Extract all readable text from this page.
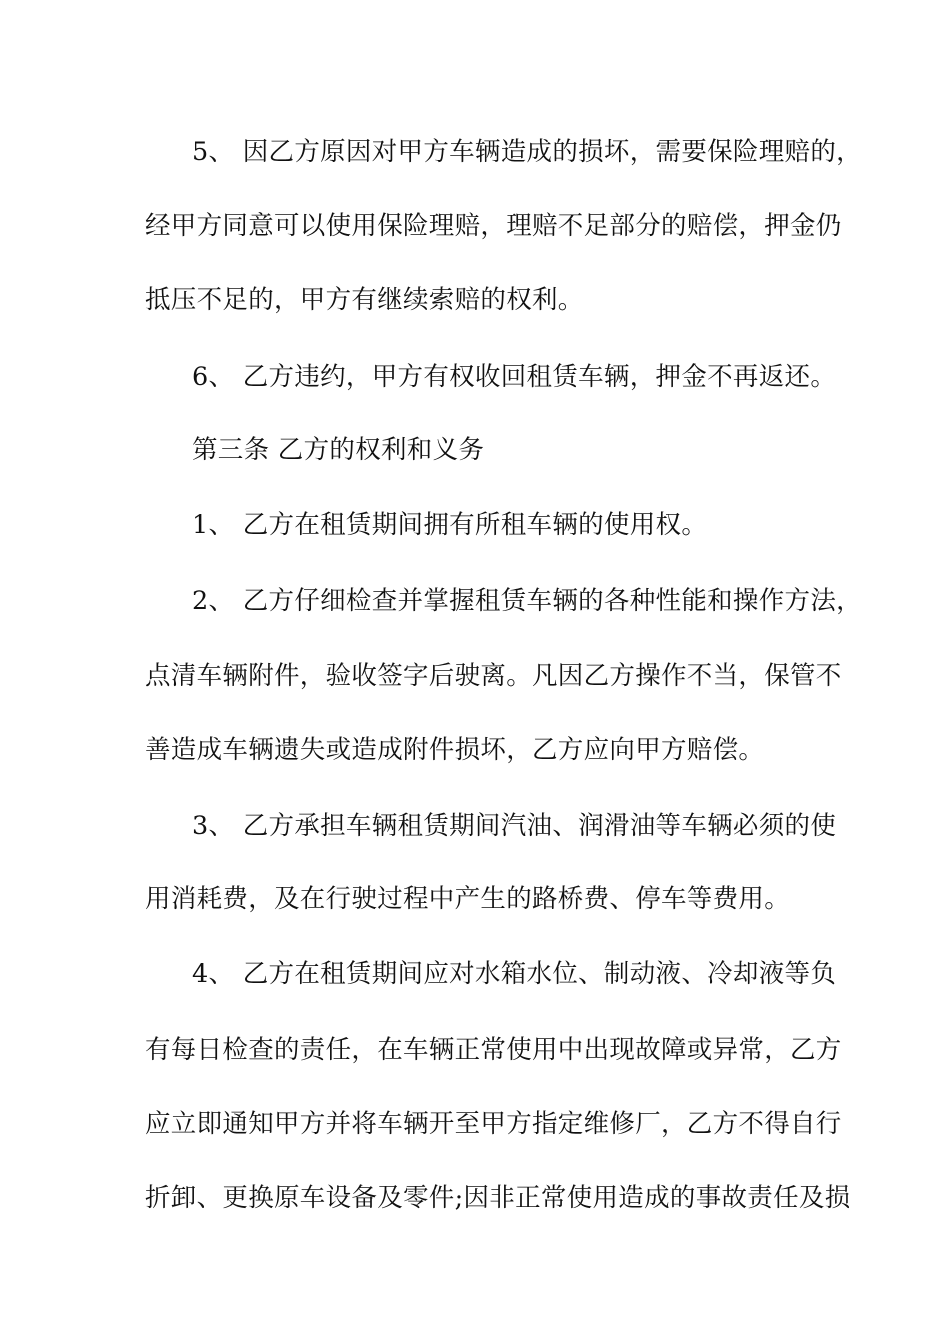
5、 因乙方原因对甲方车辆造成的损坏，需要保险理赔的，
经甲方同意可以使用保险理赔，理赔不足部分的赔偿，押金仍
抵压不足的，甲方有继续索赔的权利。
6、 乙方违约，甲方有权收回租赁车辆，押金不再返还。
第三条 乙方的权利和义务
1、 乙方在租赁期间拥有所租车辆的使用权。
2、 乙方仔细检查并掌握租赁车辆的各种性能和操作方法，
点清车辆附件，验收签字后驶离。凡因乙方操作不当，保管不
善造成车辆遗失或造成附件损坏，乙方应向甲方赔偿。
3、 乙方承担车辆租赁期间汽油、润滑油等车辆必须的使
用消耗费，及在行驶过程中产生的路桥费、停车等费用。
4、 乙方在租赁期间应对水箱水位、制动液、冷却液等负
有每日检查的责任，在车辆正常使用中出现故障或异常，乙方
应立即通知甲方并将车辆开至甲方指定维修厂，乙方不得自行
折卸、更换原车设备及零件;因非正常使用造成的事故责任及损
